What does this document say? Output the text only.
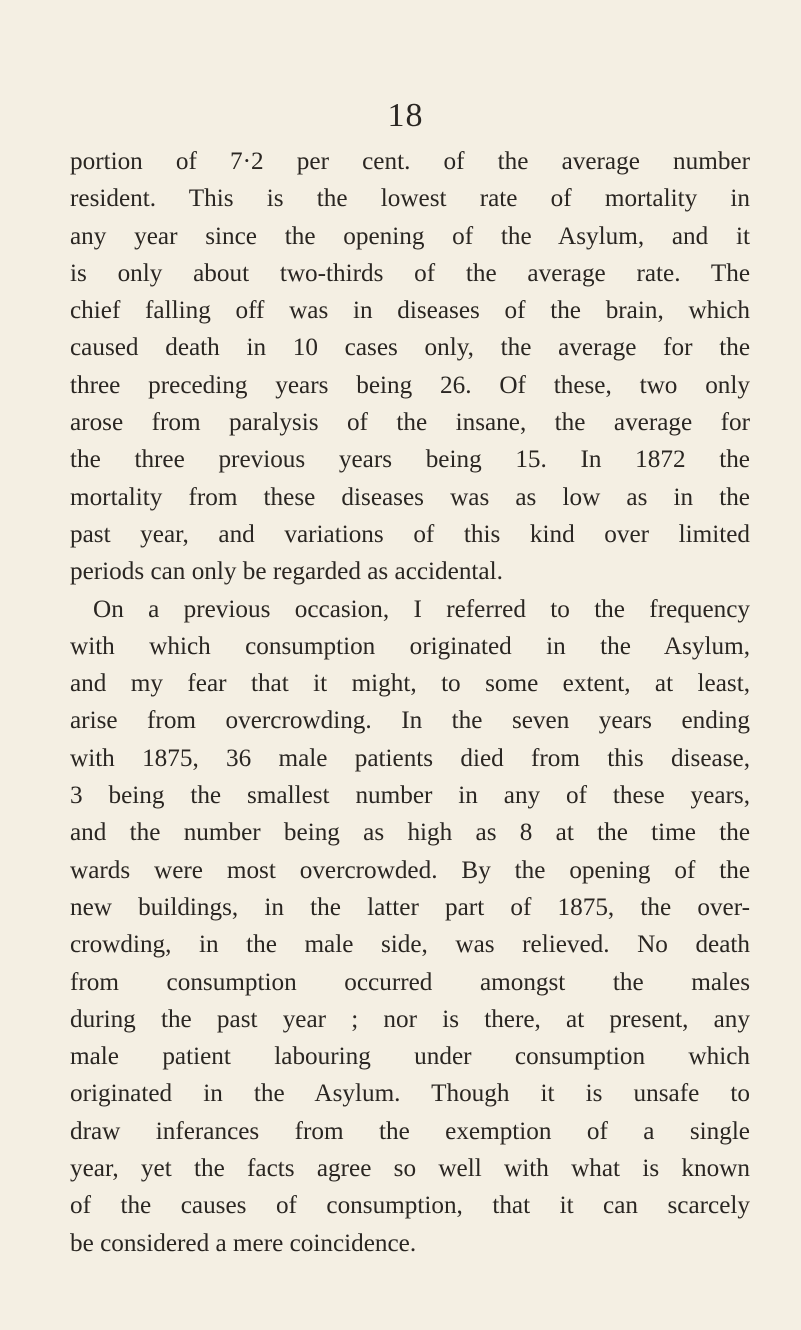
18
portion of 7·2 per cent. of the average number
resident. This is the lowest rate of mortality in
any year since the opening of the Asylum, and it
is only about two-thirds of the average rate. The
chief falling off was in diseases of the brain, which
caused death in 10 cases only, the average for the
three preceding years being 26. Of these, two only
arose from paralysis of the insane, the average for
the three previous years being 15. In 1872 the
mortality from these diseases was as low as in the
past year, and variations of this kind over limited
periods can only be regarded as accidental.
On a previous occasion, I referred to the frequency
with which consumption originated in the Asylum,
and my fear that it might, to some extent, at least,
arise from overcrowding. In the seven years ending
with 1875, 36 male patients died from this disease,
3 being the smallest number in any of these years,
and the number being as high as 8 at the time the
wards were most overcrowded. By the opening of the
new buildings, in the latter part of 1875, the over-
crowding, in the male side, was relieved. No death
from consumption occurred amongst the males
during the past year ; nor is there, at present, any
male patient labouring under consumption which
originated in the Asylum. Though it is unsafe to
draw inferances from the exemption of a single
year, yet the facts agree so well with what is known
of the causes of consumption, that it can scarcely
be considered a mere coincidence.
